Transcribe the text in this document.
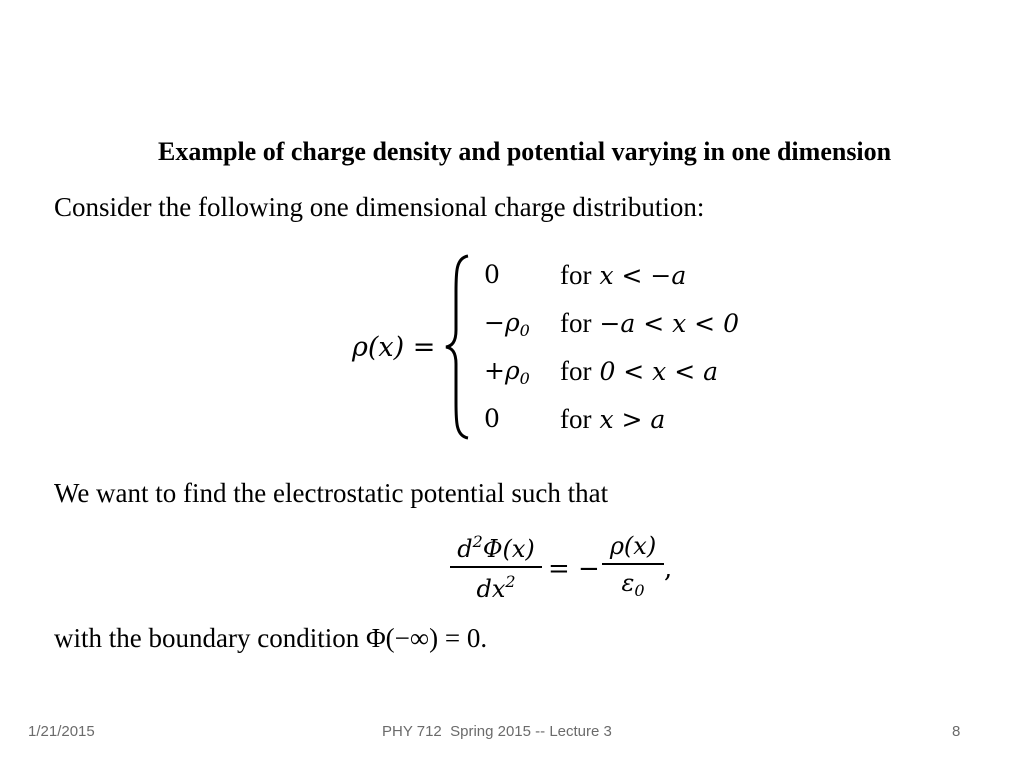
Example of charge density and potential varying in one dimension
Consider the following one dimensional charge distribution:
ρ(x) =
0 for x < −a
$-\rho_0$ for −a < x < 0
$+\rho_0$ for 0 < x < a
0 for x > a
We want to find the electrostatic potential such that
$d^2\Phi(x)$
$dx^2$	= −
ρ(x)
$\varepsilon_0$
,
with the boundary condition Φ(−∞) = 0.
1/21/2015	PHY 712  Spring 2015 -- Lecture 3	8
